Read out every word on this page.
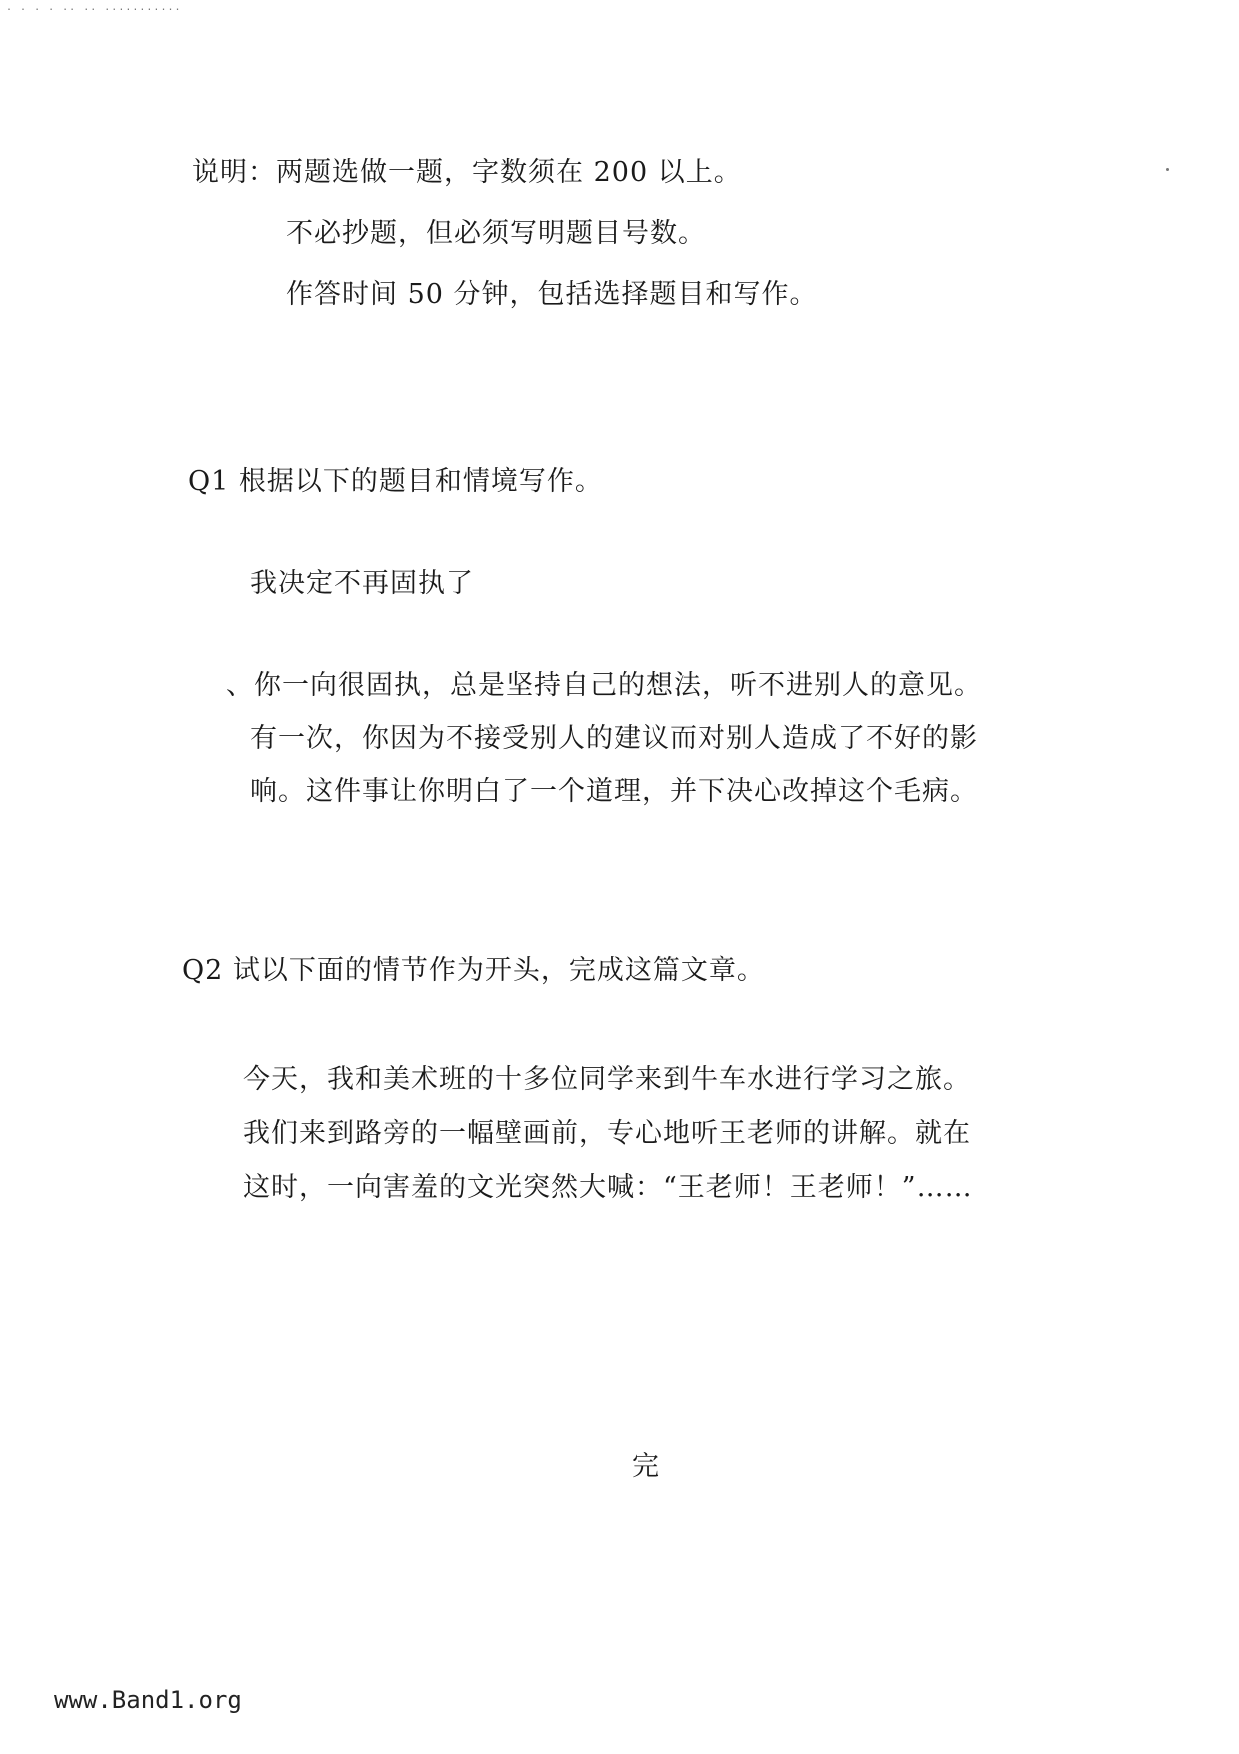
. . . . .. .. ...........
说明：两题选做一题，字数须在 200 以上。
不必抄题，但必须写明题目号数。
作答时间 50 分钟，包括选择题目和写作。
Q1 根据以下的题目和情境写作。
我决定不再固执了
、你一向很固执，总是坚持自己的想法，听不进别人的意见。
有一次，你因为不接受别人的建议而对别人造成了不好的影
响。这件事让你明白了一个道理，并下决心改掉这个毛病。
Q2 试以下面的情节作为开头，完成这篇文章。
今天，我和美术班的十多位同学来到牛车水进行学习之旅。
我们来到路旁的一幅壁画前，专心地听王老师的讲解。就在
这时，一向害羞的文光突然大喊：“王老师！王老师！”……
完
www.Band1.org
